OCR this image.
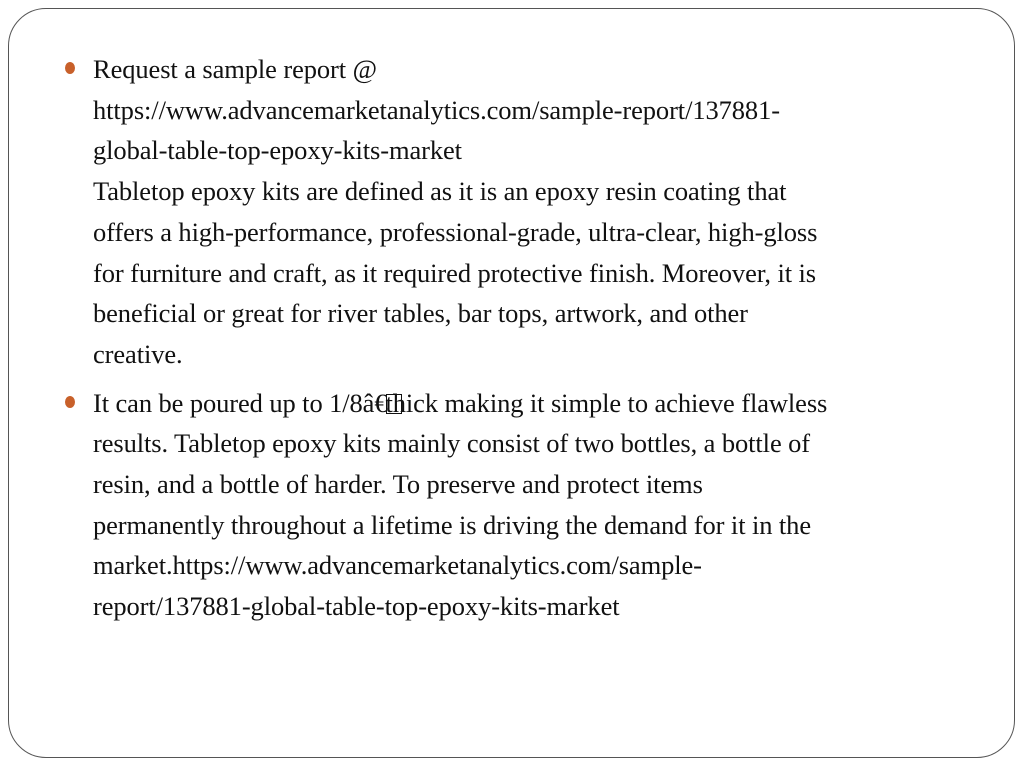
Request a sample report @
https://www.advancemarketanalytics.com/sample-report/137881-
global-table-top-epoxy-kits-market
Tabletop epoxy kits are defined as it is an epoxy resin coating that
offers a high-performance, professional-grade, ultra-clear, high-gloss
for furniture and craft, as it required protective finish. Moreover, it is
beneficial or great for river tables, bar tops, artwork, and other
creative.
It can be poured up to 1/8â€thick making it simple to achieve flawless
results. Tabletop epoxy kits mainly consist of two bottles, a bottle of
resin, and a bottle of harder. To preserve and protect items
permanently throughout a lifetime is driving the demand for it in the
market.https://www.advancemarketanalytics.com/sample-
report/137881-global-table-top-epoxy-kits-market
